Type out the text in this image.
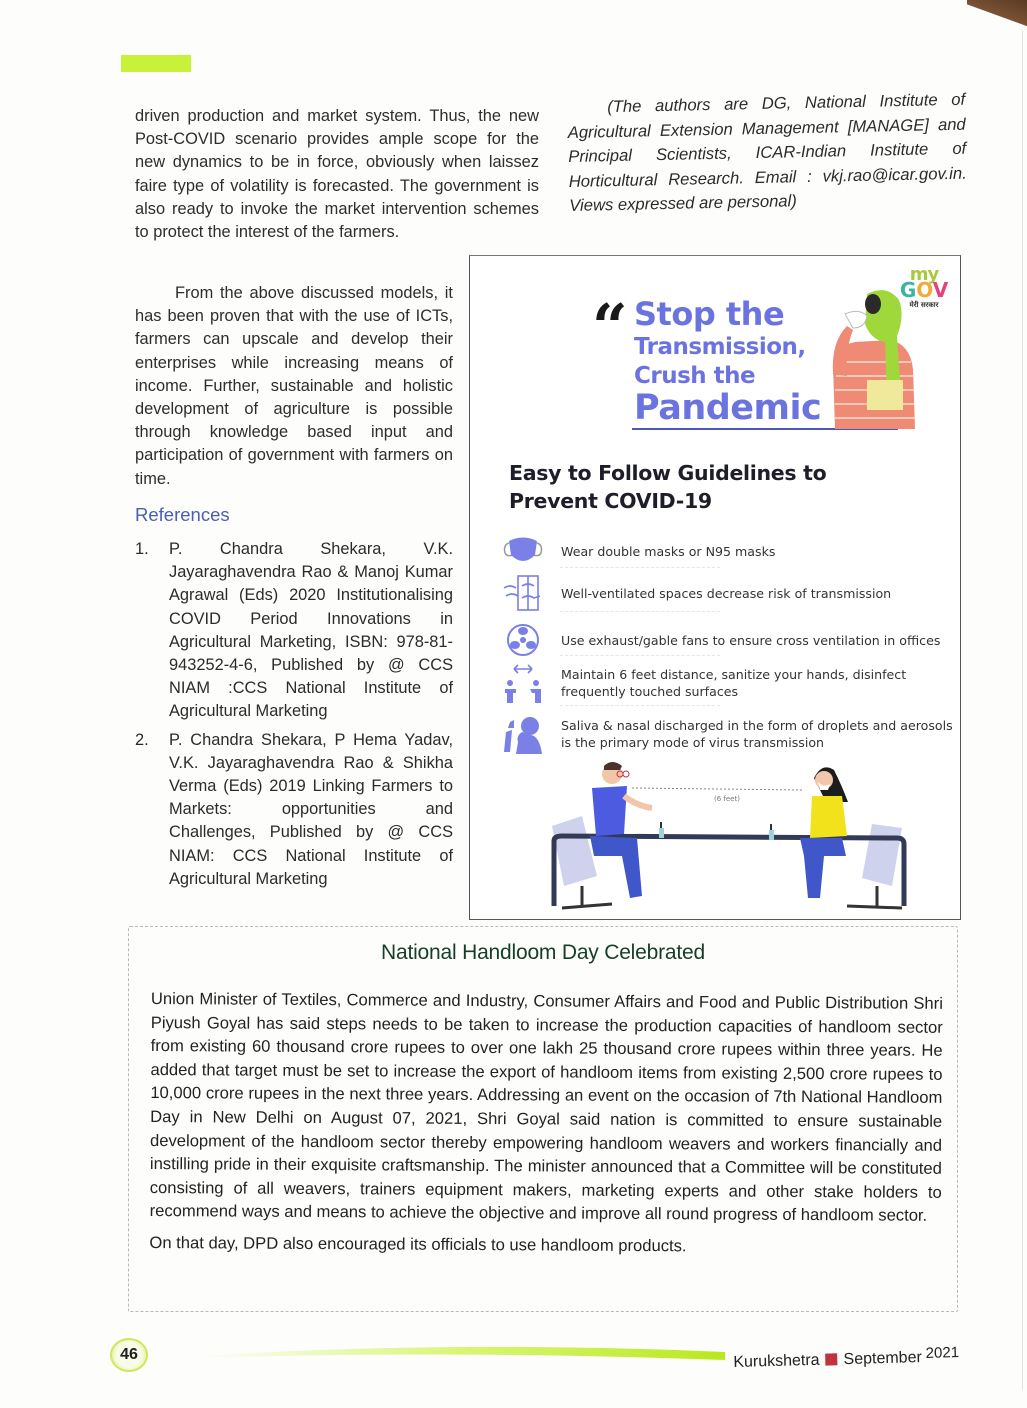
driven production and market system. Thus, the new Post-COVID scenario provides ample scope for the new dynamics to be in force, obviously when laissez faire type of volatility is forecasted. The government is also ready to invoke the market intervention schemes to protect the interest of the farmers.

From the above discussed models, it has been proven that with the use of ICTs, farmers can upscale and develop their enterprises while increasing means of income. Further, sustainable and holistic development of agriculture is possible through knowledge based input and participation of government with farmers on time.

References
1.	P. Chandra Shekara, V.K. Jayaraghavendra Rao & Manoj Kumar Agrawal (Eds) 2020 Institutionalising COVID Period Innovations in Agricultural Marketing, ISBN: 978-81-943252-4-6, Published by @ CCS NIAM :CCS National Institute of Agricultural Marketing
2.	P. Chandra Shekara, P Hema Yadav, V.K. Jayaraghavendra Rao & Shikha Verma (Eds) 2019 Linking Farmers to Markets: opportunities and Challenges, Published by @ CCS NIAM: CCS National Institute of Agricultural Marketing

(The authors are DG, National Institute of Agricultural Extension Management [MANAGE] and Principal Scientists, ICAR-Indian Institute of Horticultural Research. Email : vkj.rao@icar.gov.in. Views expressed are personal)

“ Stop the
Transmission,
Crush the
Pandemic
my
GOV
मेरी सरकार
Easy to Follow Guidelines to
Prevent COVID-19
Wear double masks or N95 masks
Well-ventilated spaces decrease risk of transmission
Use exhaust/gable fans to ensure cross ventilation in offices
Maintain 6 feet distance, sanitize your hands, disinfect frequently touched surfaces
Saliva & nasal discharged in the form of droplets and aerosols is the primary mode of virus transmission
(6 feet)
National Handloom Day Celebrated

Union Minister of Textiles, Commerce and Industry, Consumer Affairs and Food and Public Distribution Shri Piyush Goyal has said steps needs to be taken to increase the production capacities of handloom sector from existing 60 thousand crore rupees to over one lakh 25 thousand crore rupees within three years. He added that target must be set to increase the export of handloom items from existing 2,500 crore rupees to 10,000 crore rupees in the next three years. Addressing an event on the occasion of 7th National Handloom Day in New Delhi on August 07, 2021, Shri Goyal said nation is committed to ensure sustainable development of the handloom sector thereby empowering handloom weavers and workers financially and instilling pride in their exquisite craftsmanship. The minister announced that a Committee will be constituted consisting of all weavers, trainers equipment makers, marketing experts and other stake holders to recommend ways and means to achieve the objective and improve all round progress of handloom sector.

On that day, DPD also encouraged its officials to use handloom products.

46	Kurukshetra September 2021
